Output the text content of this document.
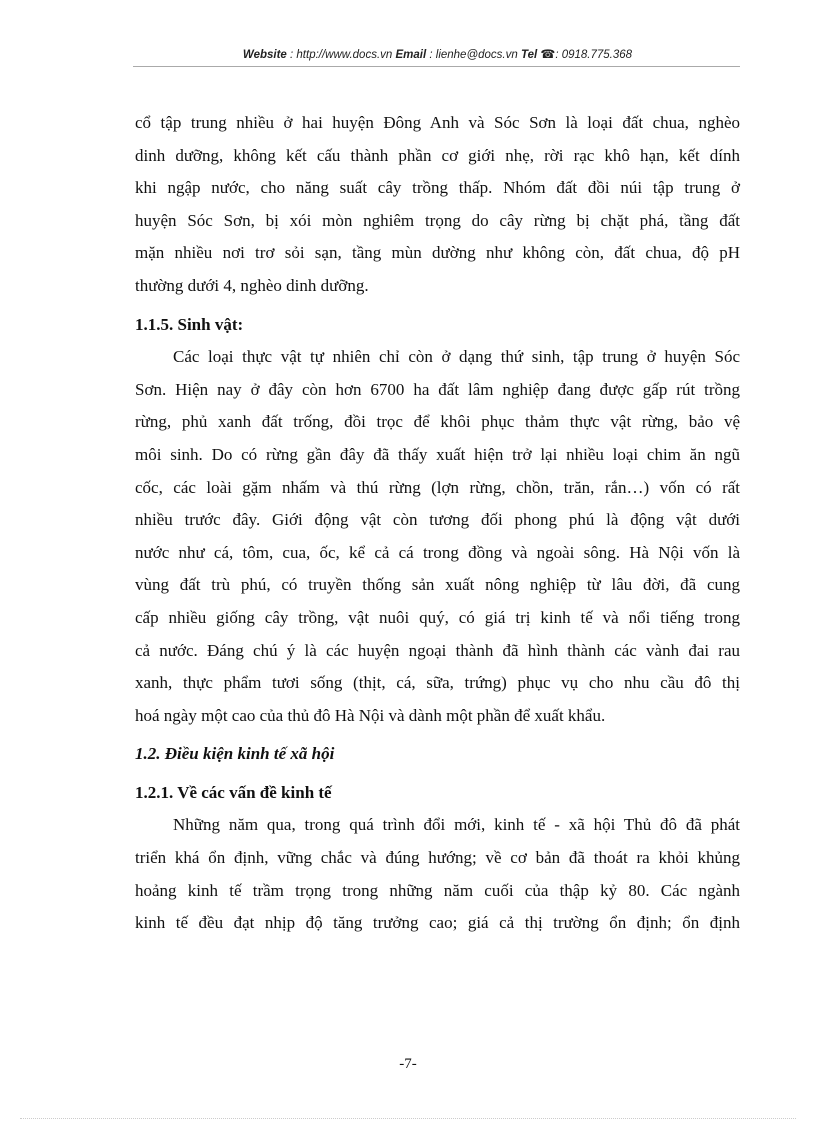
Website : http://www.docs.vn Email : lienhe@docs.vn Tel ☎: 0918.775.368

cổ tập trung nhiều ở hai huyện Đông Anh và Sóc Sơn là loại đất chua, nghèo
dinh dưỡng, không kết cấu thành phần cơ giới nhẹ, rời rạc khô hạn, kết dính
khi ngập nước, cho năng suất cây trồng thấp. Nhóm đất đồi núi tập trung ở
huyện Sóc Sơn, bị xói mòn nghiêm trọng do cây rừng bị chặt phá, tầng đất
mặn nhiều nơi trơ sỏi sạn, tầng mùn dường như không còn, đất chua, độ pH
thường dưới 4, nghèo dinh dưỡng.

1.1.5. Sinh vật:

Các loại thực vật tự nhiên chỉ còn ở dạng thứ sinh, tập trung ở huyện Sóc
Sơn. Hiện nay ở đây còn hơn 6700 ha đất lâm nghiệp đang được gấp rút trồng
rừng, phủ xanh đất trống, đồi trọc để khôi phục thảm thực vật rừng, bảo vệ
môi sinh. Do có rừng gần đây đã thấy xuất hiện trở lại nhiều loại chim ăn ngũ
cốc, các loài gặm nhấm và thú rừng (lợn rừng, chồn, trăn, rắn…) vốn có rất
nhiều trước đây. Giới động vật còn tương đối phong phú là động vật dưới
nước như cá, tôm, cua, ốc, kể cả cá trong đồng và ngoài sông. Hà Nội vốn là
vùng đất trù phú, có truyền thống sản xuất nông nghiệp từ lâu đời, đã cung
cấp nhiều giống cây trồng, vật nuôi quý, có giá trị kinh tế và nổi tiếng trong
cả nước. Đáng chú ý là các huyện ngoại thành đã hình thành các vành đai rau
xanh, thực phẩm tươi sống (thịt, cá, sữa, trứng) phục vụ cho nhu cầu đô thị
hoá ngày một cao của thủ đô Hà Nội và dành một phần để xuất khẩu.

1.2. Điều kiện kinh tế xã hội
1.2.1. Về các vấn đề kinh tế

Những năm qua, trong quá trình đổi mới, kinh tế - xã hội Thủ đô đã phát
triển khá ổn định, vững chắc và đúng hướng; về cơ bản đã thoát ra khỏi khủng
hoảng kinh tế trầm trọng trong những năm cuối của thập kỷ 80. Các ngành
kinh tế đều đạt nhịp độ tăng trưởng cao; giá cả thị trường ổn định; ổn định

-7-
